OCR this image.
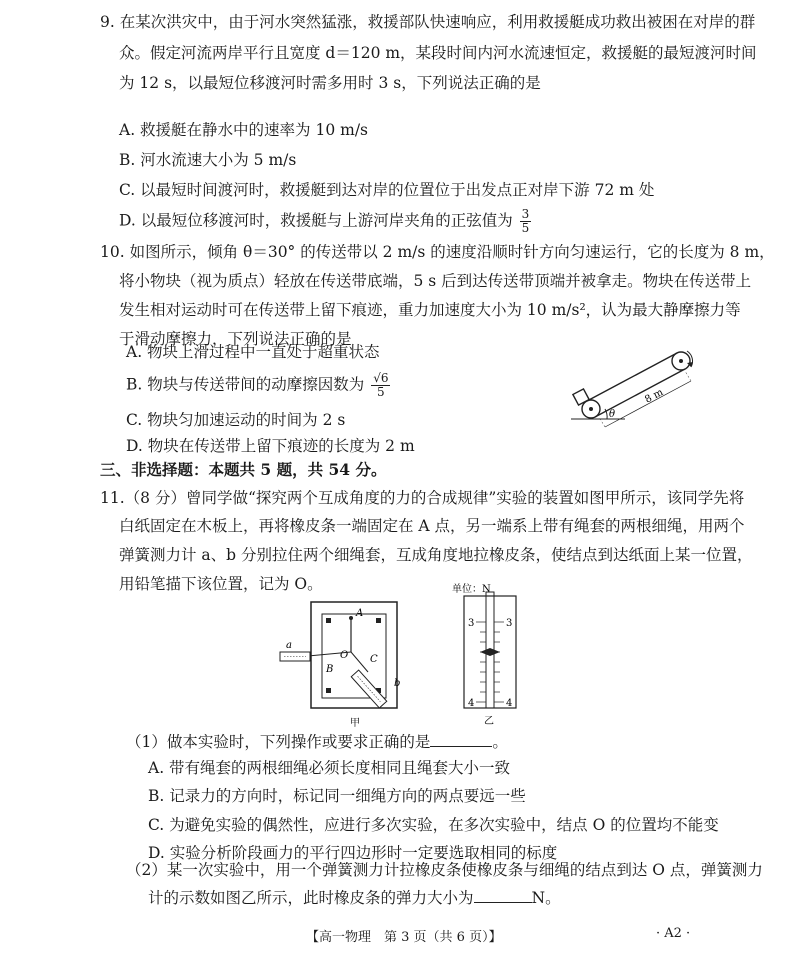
9. 在某次洪灾中，由于河水突然猛涨，救援部队快速响应，利用救援艇成功救出被困在对岸的群
众。假定河流两岸平行且宽度 d＝120 m，某段时间内河水流速恒定，救援艇的最短渡河时间
为 12 s，以最短位移渡河时需多用时 3 s，下列说法正确的是
A. 救援艇在静水中的速率为 10 m/s
B. 河水流速大小为 5 m/s
C. 以最短时间渡河时，救援艇到达对岸的位置位于出发点正对岸下游 72 m 处
D. 以最短位移渡河时，救援艇与上游河岸夹角的正弦值为 $\frac{3}{5}$
10. 如图所示，倾角 θ＝30° 的传送带以 2 m/s 的速度沿顺时针方向匀速运行，它的长度为 8 m，
将小物块（视为质点）轻放在传送带底端，5 s 后到达传送带顶端并被拿走。物块在传送带上
发生相对运动时可在传送带上留下痕迹，重力加速度大小为 10 m/s²，认为最大静摩擦力等
于滑动摩擦力，下列说法正确的是
A. 物块上滑过程中一直处于超重状态
B. 物块与传送带间的动摩擦因数为 $\frac{√6}{5}$
C. 物块匀加速运动的时间为 2 s
D. 物块在传送带上留下痕迹的长度为 2 m
θ
8 m
三、非选择题：本题共 5 题，共 54 分。
11.（8 分）曾同学做“探究两个互成角度的力的合成规律”实验的装置如图甲所示，该同学先将
白纸固定在木板上，再将橡皮条一端固定在 A 点，另一端系上带有绳套的两根细绳，用两个
弹簧测力计 a、b 分别拉住两个细绳套，互成角度地拉橡皮条，使结点到达纸面上某一位置，
用铅笔描下该位置，记为 O。
A
O
B
C
a
b
甲
单位：N
3	3
4	4
乙
（1）做本实验时，下列操作或要求正确的是	。
A. 带有绳套的两根细绳必须长度相同且绳套大小一致
B. 记录力的方向时，标记同一细绳方向的两点要远一些
C. 为避免实验的偶然性，应进行多次实验，在多次实验中，结点 O 的位置均不能变
D. 实验分析阶段画力的平行四边形时一定要选取相同的标度
（2）某一次实验中，用一个弹簧测力计拉橡皮条使橡皮条与细绳的结点到达 O 点，弹簧测力
计的示数如图乙所示，此时橡皮条的弹力大小为	N。
【高一物理　第 3 页（共 6 页）】	· A2 ·
